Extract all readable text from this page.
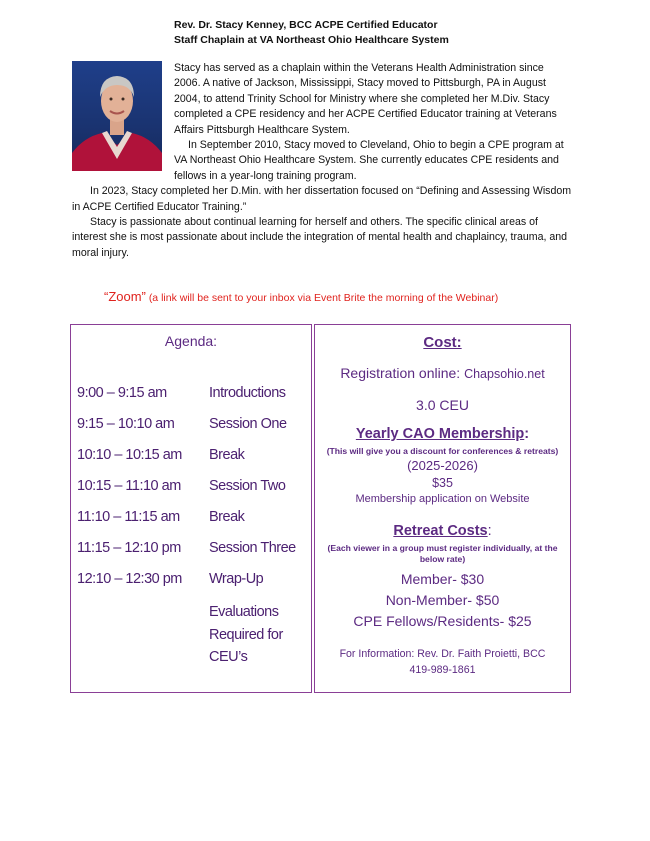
Rev. Dr. Stacy Kenney, BCC ACPE Certified Educator
Staff Chaplain at VA Northeast Ohio Healthcare System

Stacy has served as a chaplain within the Veterans Health Administration since 2006. A native of Jackson, Mississippi, Stacy moved to Pittsburgh, PA in August 2004, to attend Trinity School for Ministry where she completed her M.Div. Stacy completed a CPE residency and her ACPE Certified Educator training at Veterans Affairs Pittsburgh Healthcare System.

In September 2010, Stacy moved to Cleveland, Ohio to begin a CPE program at VA Northeast Ohio Healthcare System. She currently educates CPE residents and fellows in a year-long training program.

In 2023, Stacy completed her D.Min. with her dissertation focused on “Defining and Assessing Wisdom in ACPE Certified Educator Training.”

Stacy is passionate about continual learning for herself and others. The specific clinical areas of interest she is most passionate about include the integration of mental health and chaplaincy, trauma, and moral injury.

“Zoom” (a link will be sent to your inbox via Event Brite the morning of the Webinar)
Agenda:
9:00 – 9:15 am	Introductions
9:15 – 10:10 am Session One
10:10 – 10:15 am Break
10:15 – 11:10 am Session Two
11:10 – 11:15 am Break
11:15 – 12:10 pm Session Three
12:10 – 12:30 pm Wrap-Up
Evaluations
Required for
CEU’s
Cost:
Registration online: Chapsohio.net
3.0 CEU
Yearly CAO Membership:
(This will give you a discount for conferences & retreats)
(2025-2026)
$35
Membership application on Website
Retreat Costs:
(Each viewer in a group must register individually, at the below rate)
Member- $30
Non-Member- $50
CPE Fellows/Residents- $25
For Information: Rev. Dr. Faith Proietti, BCC
419-989-1861
